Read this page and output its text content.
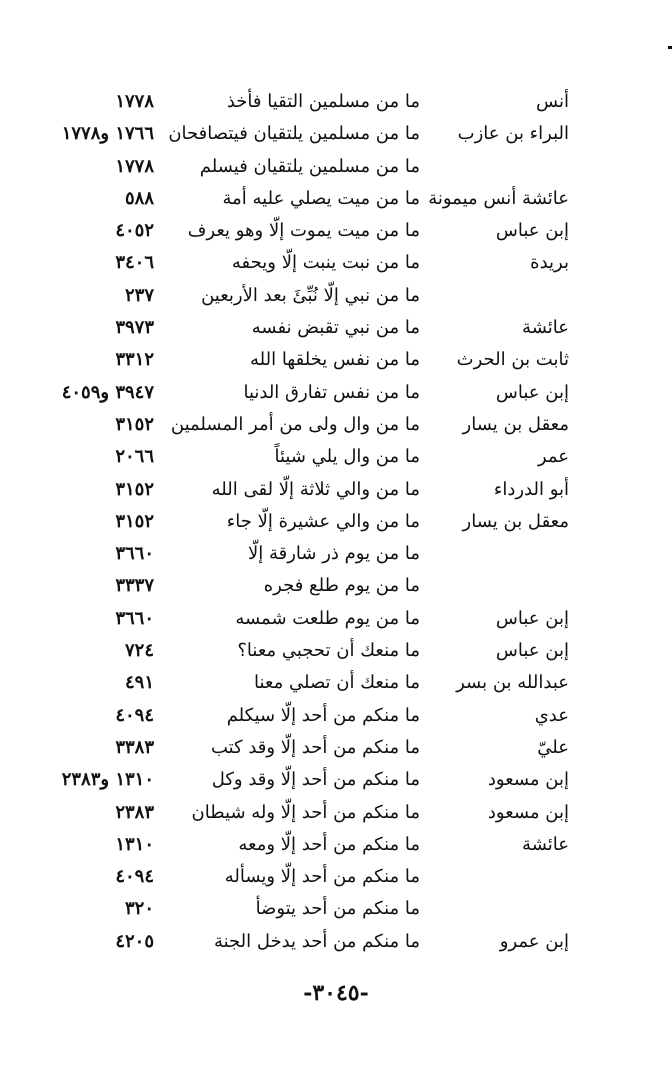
أنس
ما من مسلمين التقيا فأخذ
١٧٧٨
البراء بن عازب
ما من مسلمين يلتقيان فيتصافحان
١٧٦٦ و١٧٧٨
ما من مسلمين يلتقيان فيسلم
١٧٧٨
عائشة أنس ميمونة
ما من ميت يصلي عليه أمة
٥٨٨
إبن عباس
ما من ميت يموت إلّا وهو يعرف
٤٠٥٢
بريدة
ما من نبت ينبت إلّا ويحفه
٣٤٠٦
ما من نبي إلّا نُبِّئَ بعد الأربعين
٢٣٧
عائشة
ما من نبي تقبض نفسه
٣٩٧٣
ثابت بن الحرث
ما من نفس يخلقها الله
٣٣١٢
إبن عباس
ما من نفس تفارق الدنيا
٣٩٤٧ و٤٠٥٩
معقل بن يسار
ما من وال ولى من أمر المسلمين
٣١٥٢
عمر
ما من وال يلي شيئاً
٢٠٦٦
أبو الدرداء
ما من والي ثلاثة إلّا لقى الله
٣١٥٢
معقل بن يسار
ما من والي عشيرة إلّا جاء
٣١٥٢
ما من يوم ذر شارقة إلّا
٣٦٦٠
ما من يوم طلع فجره
٣٣٣٧
إبن عباس
ما من يوم طلعت شمسه
٣٦٦٠
إبن عباس
ما منعك أن تحجبي معنا؟
٧٢٤
عبدالله بن بسر
ما منعك أن تصلي معنا
٤٩١
عدي
ما منكم من أحد إلّا سيكلم
٤٠٩٤
عليّ
ما منكم من أحد إلّا وقد كتب
٣٣٨٣
إبن مسعود
ما منكم من أحد إلّا وقد وكل
١٣١٠ و٢٣٨٣
إبن مسعود
ما منكم من أحد إلّا وله شيطان
٢٣٨٣
عائشة
ما منكم من أحد إلّا ومعه
١٣١٠
ما منكم من أحد إلّا ويسأله
٤٠٩٤
ما منكم من أحد يتوضأ
٣٢٠
إبن عمرو
ما منكم من أحد يدخل الجنة
٤٢٠٥
-٣٠٤٥-
